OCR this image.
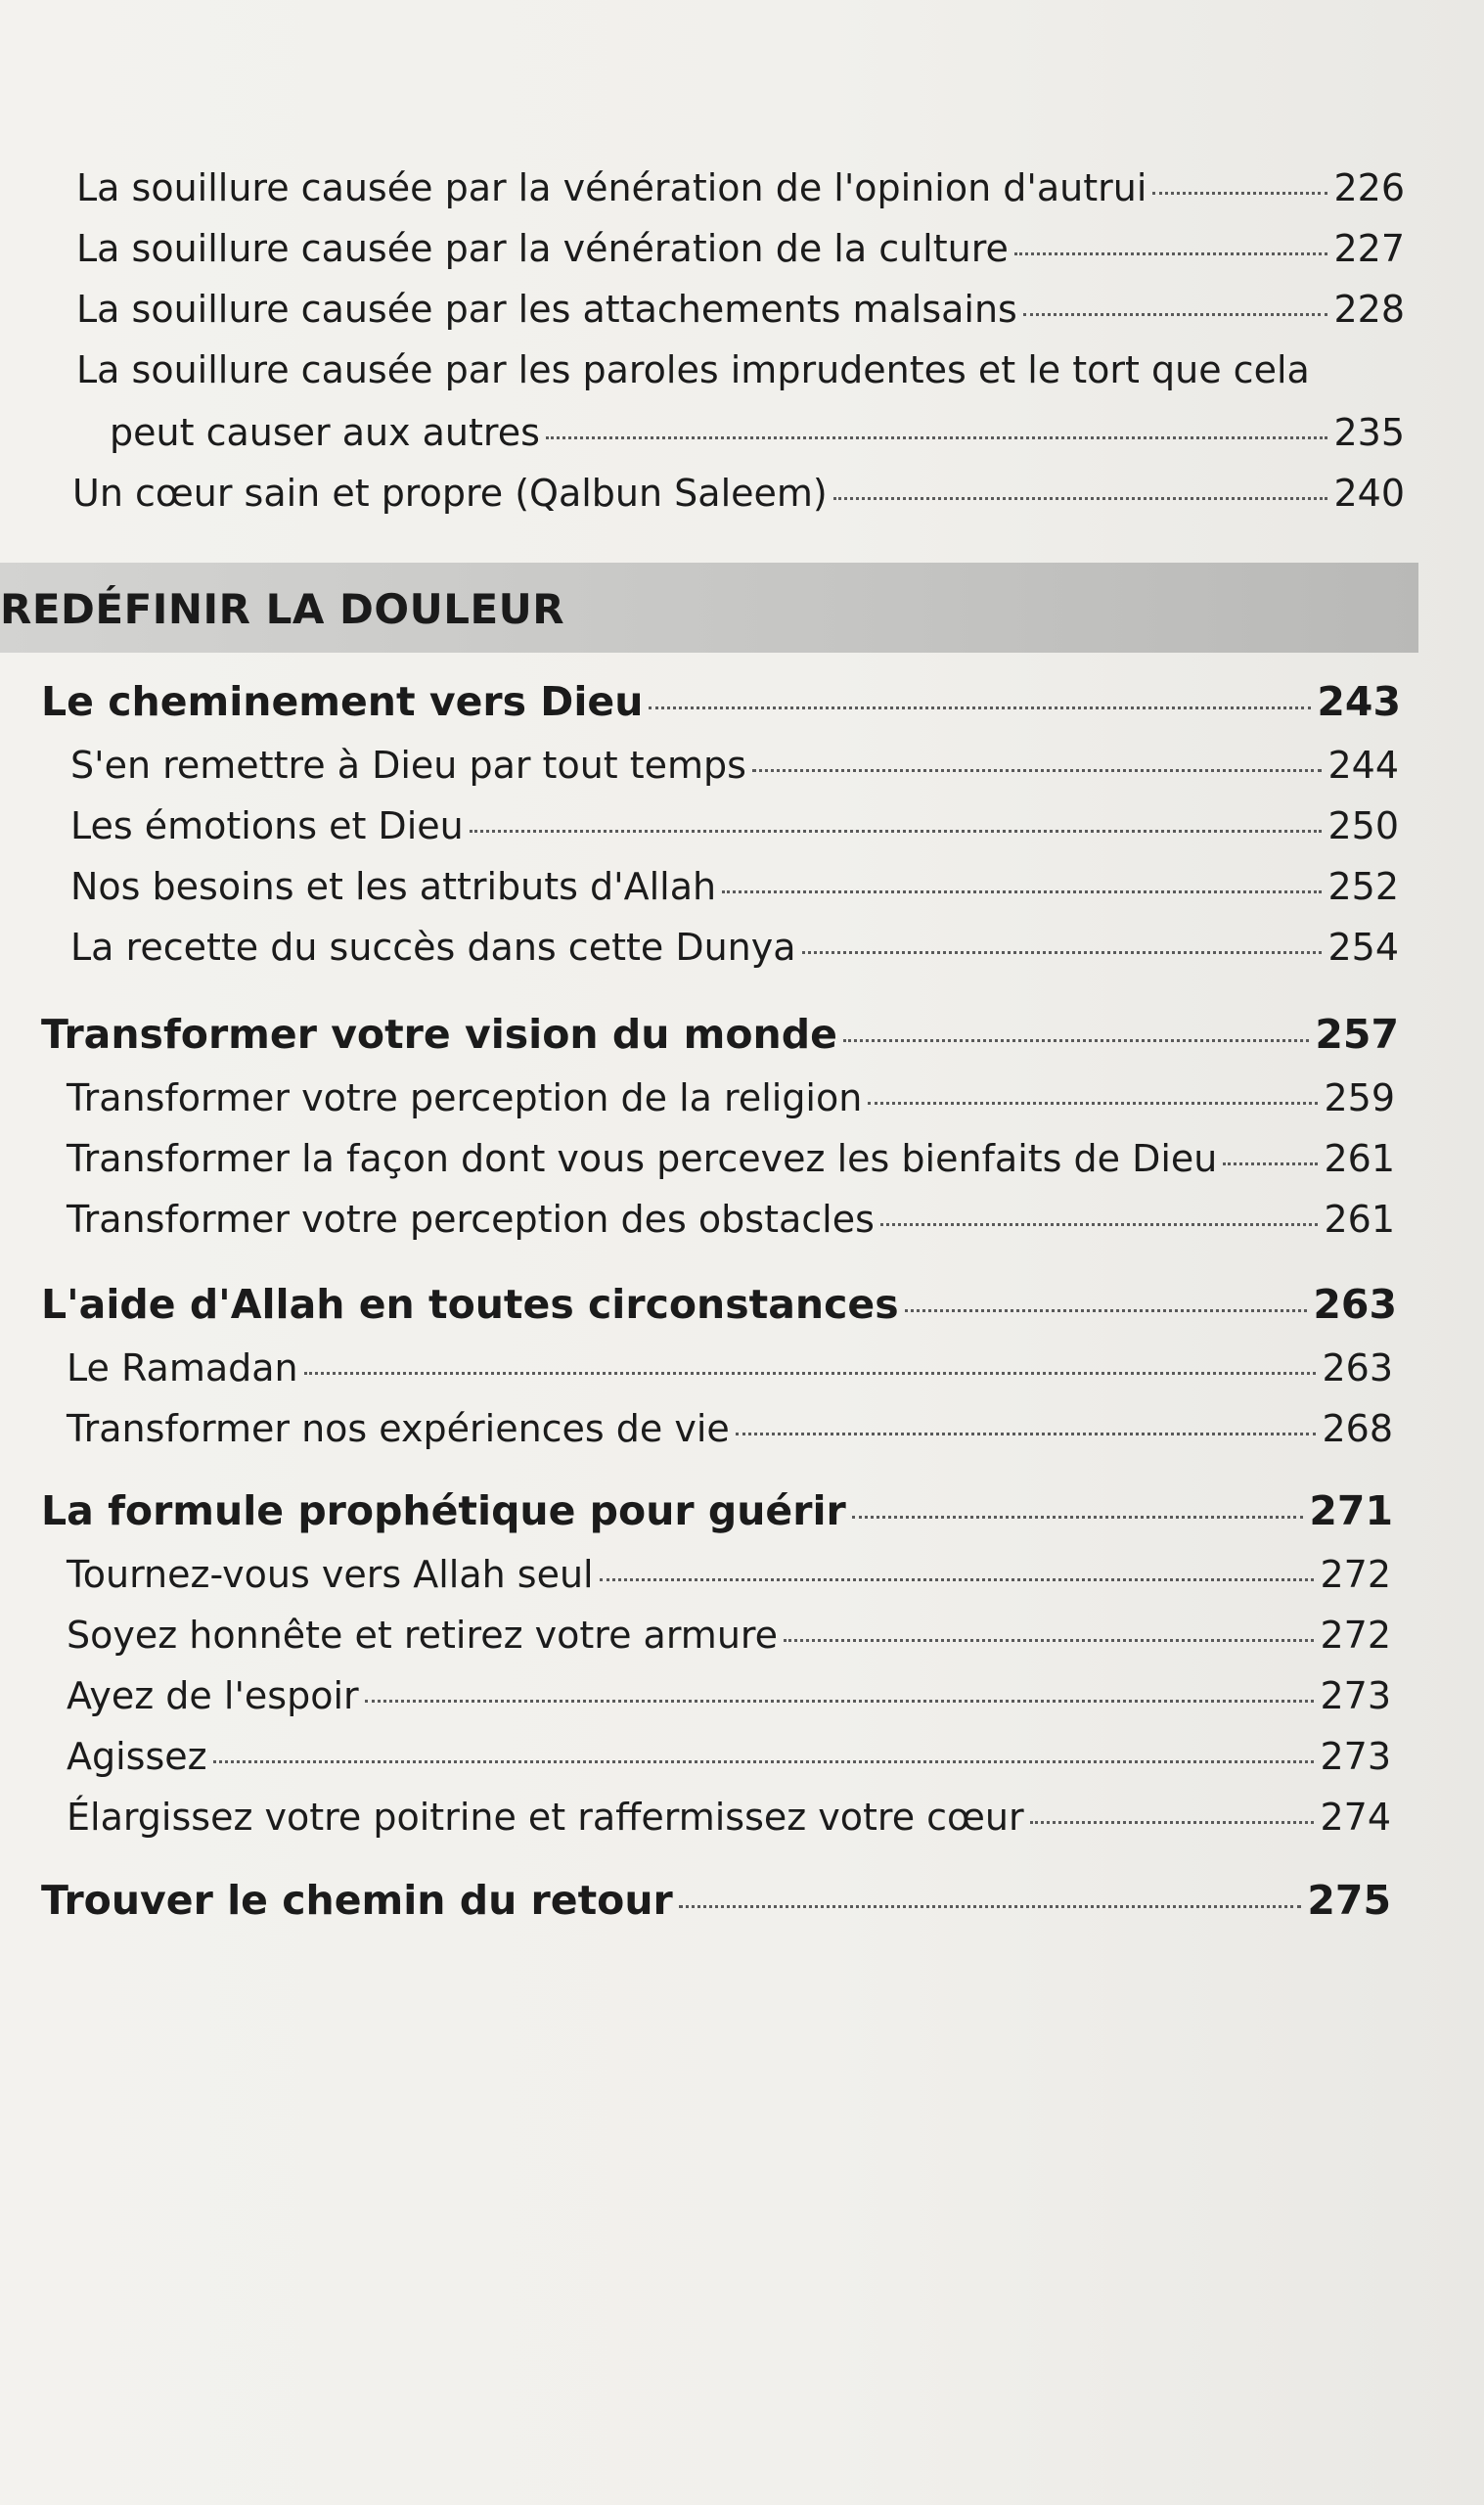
La souillure causée par la vénération de l'opinion d'autrui	226
La souillure causée par la vénération de la culture	227
La souillure causée par les attachements malsains	228
La souillure causée par les paroles imprudentes et le tort que cela
peut causer aux autres	235
Un cœur sain et propre (Qalbun Saleem)	240
REDÉFINIR LA DOULEUR
Le cheminement vers Dieu	243
S'en remettre à Dieu par tout temps	244
Les émotions et Dieu	250
Nos besoins et les attributs d'Allah	252
La recette du succès dans cette Dunya	254
Transformer votre vision du monde	257
Transformer votre perception de la religion	259
Transformer la façon dont vous percevez les bienfaits de Dieu	261
Transformer votre perception des obstacles	261
L'aide d'Allah en toutes circonstances	263
Le Ramadan	263
Transformer nos expériences de vie	268
La formule prophétique pour guérir	271
Tournez-vous vers Allah seul	272
Soyez honnête et retirez votre armure	272
Ayez de l'espoir	273
Agissez	273
Élargissez votre poitrine et raffermissez votre cœur	274
Trouver le chemin du retour	275
